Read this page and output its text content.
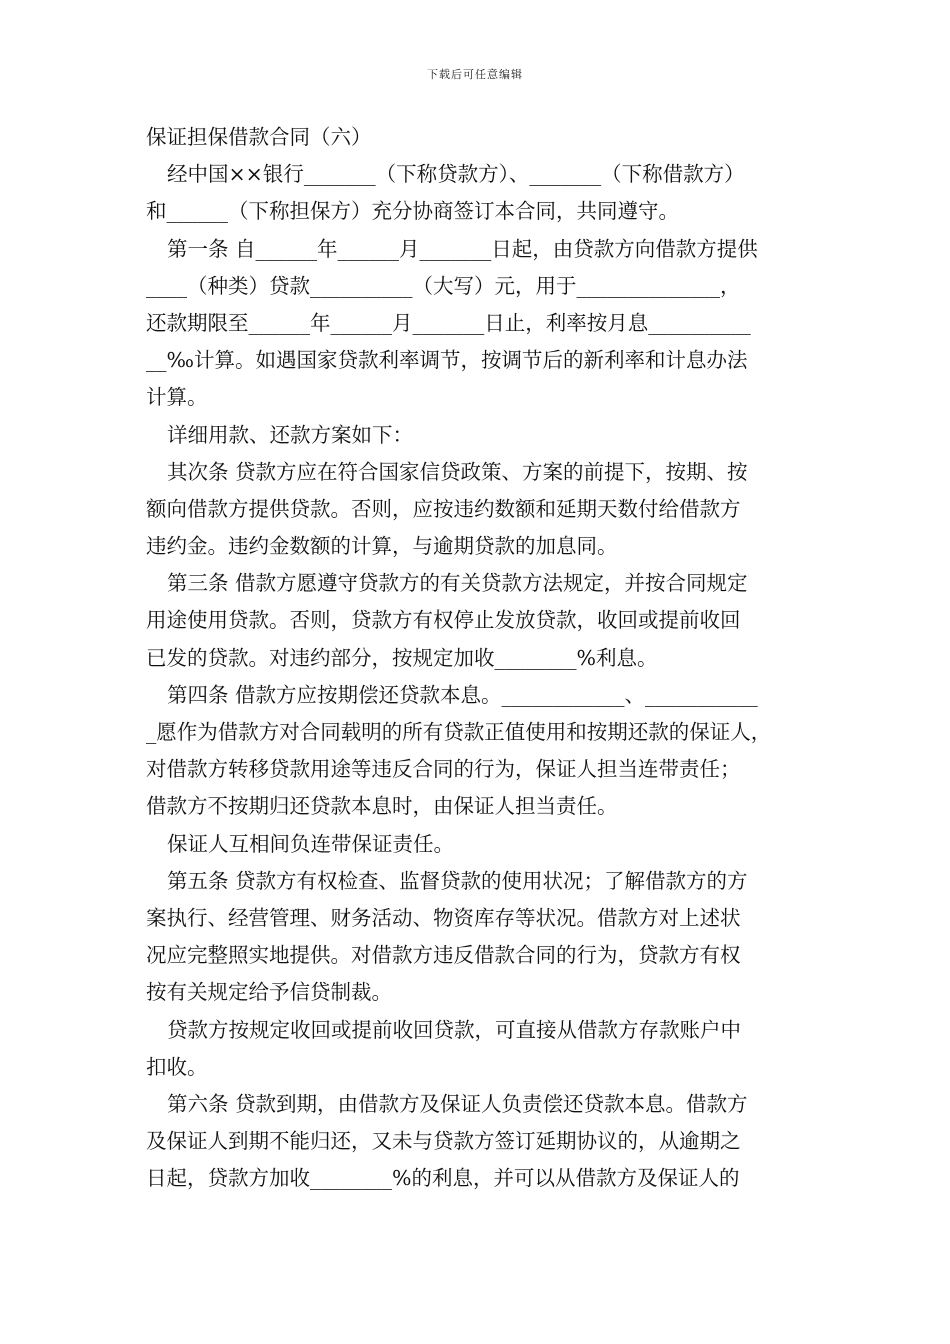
下载后可任意编辑
保证担保借款合同（六）
经中国××银行_______（下称贷款方）、_______（下称借款方）
和______（下称担保方）充分协商签订本合同，共同遵守。
第一条 自______年______月_______日起，由贷款方向借款方提供
____（种类）贷款__________（大写）元，用于______________，
还款期限至______年______月_______日止，利率按月息__________
__‰计算。如遇国家贷款利率调节，按调节后的新利率和计息办法
计算。
详细用款、还款方案如下：
其次条 贷款方应在符合国家信贷政策、方案的前提下，按期、按
额向借款方提供贷款。否则，应按违约数额和延期天数付给借款方
违约金。违约金数额的计算，与逾期贷款的加息同。
第三条 借款方愿遵守贷款方的有关贷款方法规定，并按合同规定
用途使用贷款。否则，贷款方有权停止发放贷款，收回或提前收回
已发的贷款。对违约部分，按规定加收________%利息。
第四条 借款方应按期偿还贷款本息。____________、___________
_愿作为借款方对合同载明的所有贷款正值使用和按期还款的保证人，
对借款方转移贷款用途等违反合同的行为，保证人担当连带责任；
借款方不按期归还贷款本息时，由保证人担当责任。
保证人互相间负连带保证责任。
第五条 贷款方有权检查、监督贷款的使用状况；了解借款方的方
案执行、经营管理、财务活动、物资库存等状况。借款方对上述状
况应完整照实地提供。对借款方违反借款合同的行为，贷款方有权
按有关规定给予信贷制裁。
贷款方按规定收回或提前收回贷款，可直接从借款方存款账户中
扣收。
第六条 贷款到期，由借款方及保证人负责偿还贷款本息。借款方
及保证人到期不能归还，又未与贷款方签订延期协议的，从逾期之
日起，贷款方加收________%的利息，并可以从借款方及保证人的
